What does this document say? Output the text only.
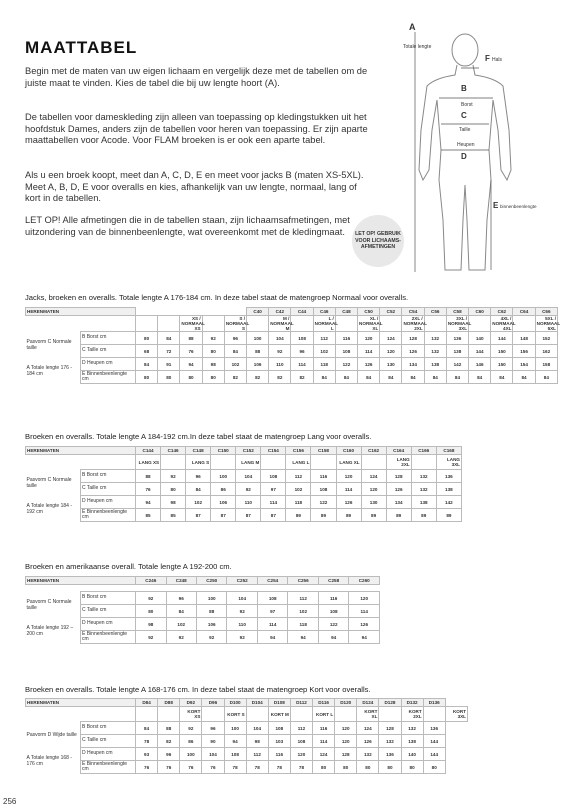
MAATTABEL
Begin met de maten van uw eigen lichaam en vergelijk deze met de tabellen om de juiste maat te vinden. Kies de tabel die bij uw lengte hoort (A).
De tabellen voor dameskleding zijn alleen van toepassing op kledingstukken uit het hoofdstuk Dames, anders zijn de tabellen voor heren van toepassing. Er zijn aparte maattabellen voor Acode. Voor FLAM broeken is er ook een aparte tabel.
Als u een broek koopt, meet dan A, C, D, E en meet voor jacks B (maten XS-5XL). Meet A, B, D, E voor overalls en kies, afhankelijk van uw lengte, normaal, lang of kort in de tabellen.
LET OP! Alle afmetingen die in de tabellen staan, zijn lichaamsafmetingen, met uitzondering van de binnenbeenlengte, wat overeenkomt met de kledingmaat.
A
Totale lengte
F Hals
B
Borst
C
Taille
Heupen
D
E binnenbeenlengte
LET OP! GEBRUIK VOOR LICHAAMS-AFMETINGEN
Jacks, broeken en overalls. Totale lengte A 176-184 cm. In deze tabel staat de matengroep Normaal voor overalls.
HERENMATEN							C40	C42	C44	C46	C48	C50	C52	C54	C56	C58	C60	C62	C64	C66
				XS / NORMAAL XS		S / NORMAAL S		M / NORMAAL M		L / NORMAAL L		XL / NORMAAL XL		2XL / NORMAAL 2XL		3XL / NORMAAL 3XL		4XL / NORMAAL 4XL		5XL / NORMAAL 5XL
Pasvorm C Normale taille	B Borst cm	80	84	88	92	96	100	104	108	112	116	120	124	128	132	136	140	144	148	152
	C Taille cm	68	72	76	80	84	88	92	96	102	108	114	120	126	132	138	144	150	156	162
A Totale lengte 176 - 184 cm	D Heupen cm	84	91	94	98	102	106	110	114	118	122	126	130	134	138	142	146	150	154	158
	E Binnenbeenlengte cm	80	80	80	80	82	82	82	82	84	84	84	84	84	84	84	84	84	84	84
Broeken en overalls. Totale lengte A 184-192 cm.In deze tabel staat de matengroep Lang voor overalls.
HERENMATEN		C144	C146	C148	C150	C152	C154	C156	C158	C160	C162	C164	C166	C168
		LANG XS		LANG S		LANG M		LANG L		LANG XL		LANG 2XL		LANG 3XL
Pasvorm C Normale taille	B Borst cm	88	92	96	100	104	108	112	116	120	124	128	132	136
	C Taille cm	76	80	84	86	92	97	102	108	114	120	126	132	138
A Totale lengte 184 - 192 cm	D Heupen cm	94	98	102	106	110	114	118	122	126	130	134	138	142
	E Binnenbeenlengte cm	85	85	87	87	87	87	89	89	89	89	89	89	89
Broeken en amerikaanse overall. Totale lengte A 192-200 cm.
HERENMATEN		C246	C248	C250	C252	C254	C256	C258	C260

Pasvorm C Normale taille	B Borst cm	92	96	100	104	108	112	116	120
	C Taille cm	80	84	88	92	97	102	108	114
A Totale lengte 192 – 200 cm	D Heupen cm	98	102	106	110	114	118	122	126
	E Binnenbeenlengte cm	92	92	92	92	94	94	94	94
Broeken en overalls. Totale lengte A 168-176 cm. In deze tabel staat de matengroep Kort voor overalls.
HERENMATEN		D84	D88	D92	D96	D100	D104	D108	D112	D116	D120	D124	D128	D132	D136	
				KORT XS		KORT S		KORT M		KORT L		KORT XL		KORT 2XL		KORT 3XL
Pasvorm D Wijde taille	B Borst cm	84	88	92	96	100	104	108	112	116	120	124	128	132	136	
	C Taille cm	78	82	86	90	94	98	103	108	114	120	126	132	138	144	
A Totale lengte 168 - 176 cm	D Heupen cm	93	96	100	104	108	112	116	120	124	128	132	136	140	144	
	E Binnenbeenlengte cm	76	76	76	76	78	78	78	78	80	80	80	80	80	80	
256
